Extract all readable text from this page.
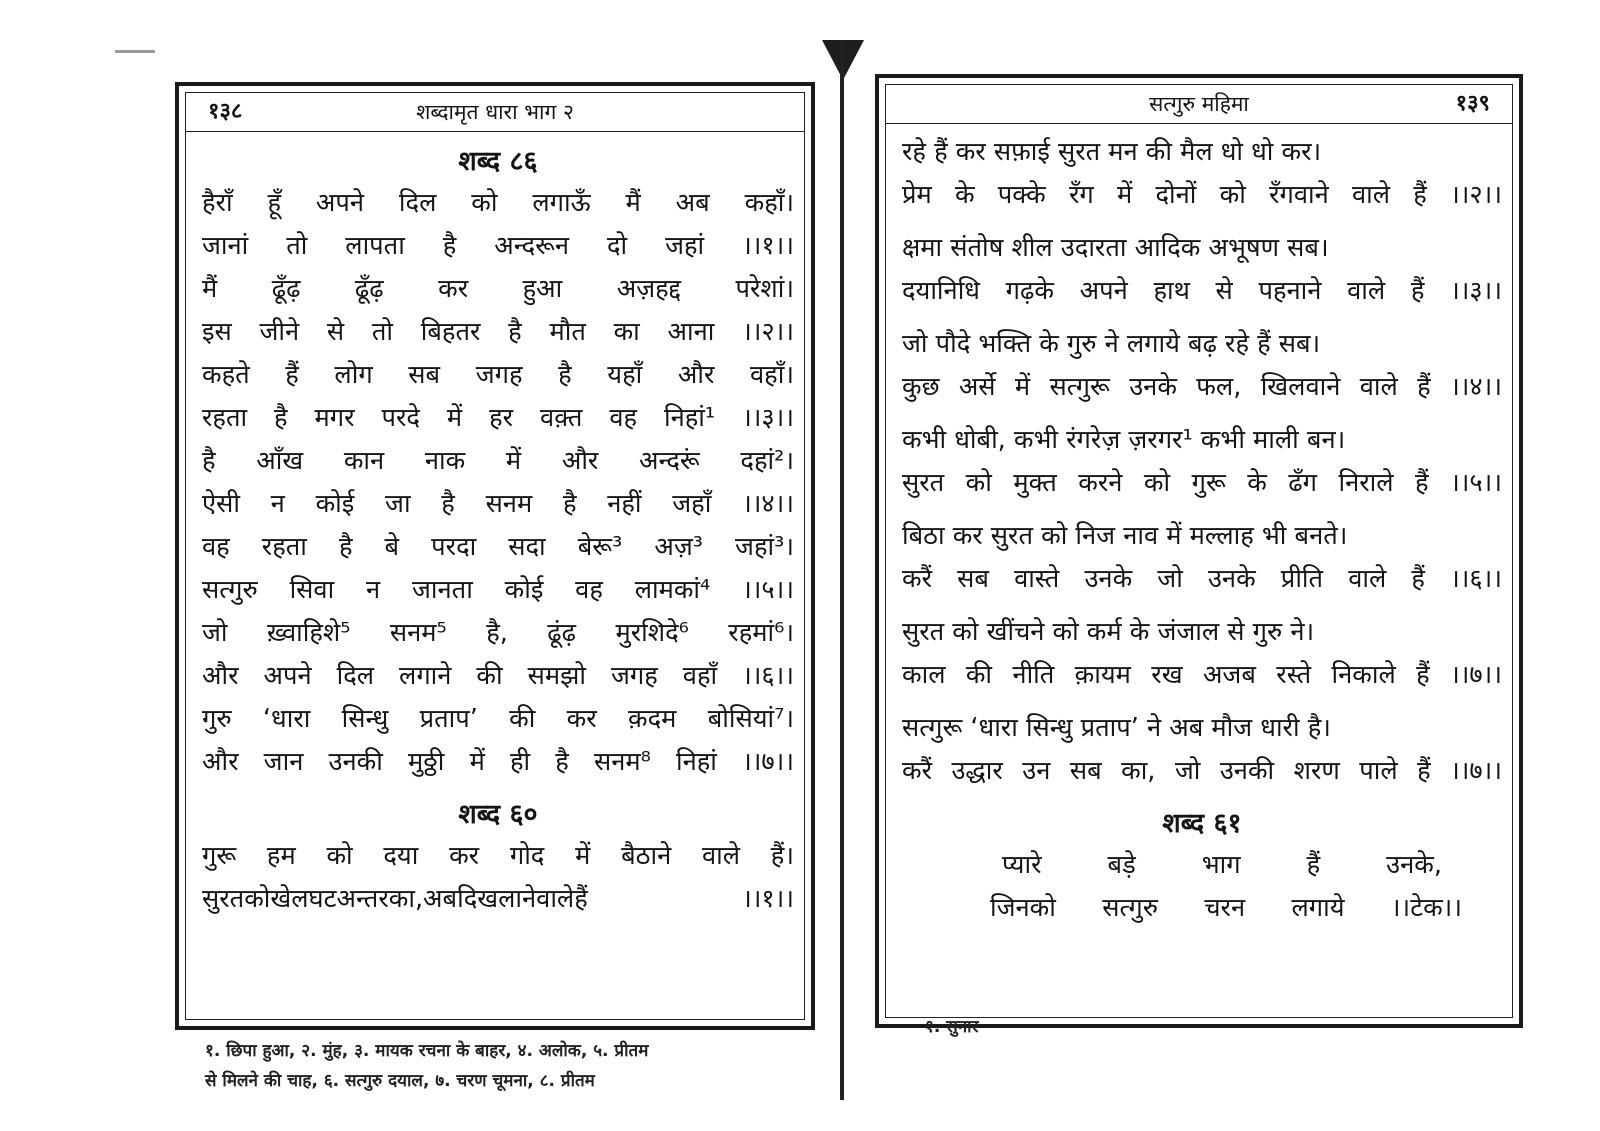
शब्दामृत धारा भाग २
१३८
शब्द ८६
हैराँ हूँ अपने दिल को लगाऊँ मैं अब कहाँ।
जानां तो लापता है अन्दरून दो जहां ।।१।।
मैं ढूँढ़ ढूँढ़ कर हुआ अज़हद्द परेशां।
इस जीने से तो बिहतर है मौत का आना ।।२।।
कहते हैं लोग सब जगह है यहाँ और वहाँ।
रहता है मगर परदे में हर वक़्त वह निहां¹ ।।३।।
है आँख कान नाक में और अन्दरूं दहां²।
ऐसी न कोई जा है सनम है नहीं जहाँ ।।४।।
वह रहता है बे परदा सदा बेरू³ अज़³ जहां³।
सत्गुरु सिवा न जानता कोई वह लामकां⁴ ।।५।।
जो ख़्वाहिशे⁵ सनम⁵ है, ढूंढ़ मुरशिदे⁶ रहमां⁶।
और अपने दिल लगाने की समझो जगह वहाँ ।।६।।
गुरु ‘धारा सिन्धु प्रताप’ की कर क़दम बोसियां⁷।
और जान उनकी मुठ्ठी में ही है सनम⁸ निहां ।।७।।
शब्द ६०
गुरू हम को दया कर गोद में बैठाने वाले हैं।
सुरतकोखेलघटअन्तरका,अबदिखलानेवालेहैं ।।१।।
१. छिपा हुआ, २. मुंह, ३. मायक रचना के बाहर, ४. अलोक, ५. प्रीतम
से मिलने की चाह, ६. सत्गुरु दयाल, ७. चरण चूमना, ८. प्रीतम
सत्गुरु महिमा	१३९
रहे हैं कर सफ़ाई सुरत मन की मैल धो धो कर।
प्रेम के पक्के रँग में दोनों को रँगवाने वाले हैं ।।२।।
क्षमा संतोष शील उदारता आदिक अभूषण सब।
दयानिधि गढ़के अपने हाथ से पहनाने वाले हैं ।।३।।
जो पौदे भक्ति के गुरु ने लगाये बढ़ रहे हैं सब।
कुछ अर्से में सत्गुरू उनके फल, खिलवाने वाले हैं ।।४।।
कभी धोबी, कभी रंगरेज़ ज़रगर¹ कभी माली बन।
सुरत को मुक्त करने को गुरू के ढँग निराले हैं ।।५।।
बिठा कर सुरत को निज नाव में मल्लाह भी बनते।
करैं सब वास्ते उनके जो उनके प्रीति वाले हैं ।।६।।
सुरत को खींचने को कर्म के जंजाल से गुरु ने।
काल की नीति क़ायम रख अजब रस्ते निकाले हैं ।।७।।
सत्गुरू ‘धारा सिन्धु प्रताप’ ने अब मौज धारी है।
करैं उद्धार उन सब का, जो उनकी शरण पाले हैं ।।७।।
शब्द ६१
प्यारे बड़े भाग हैं उनके,
जिनको सत्गुरु चरन लगाये ।।टेक।।
१. सुनार
